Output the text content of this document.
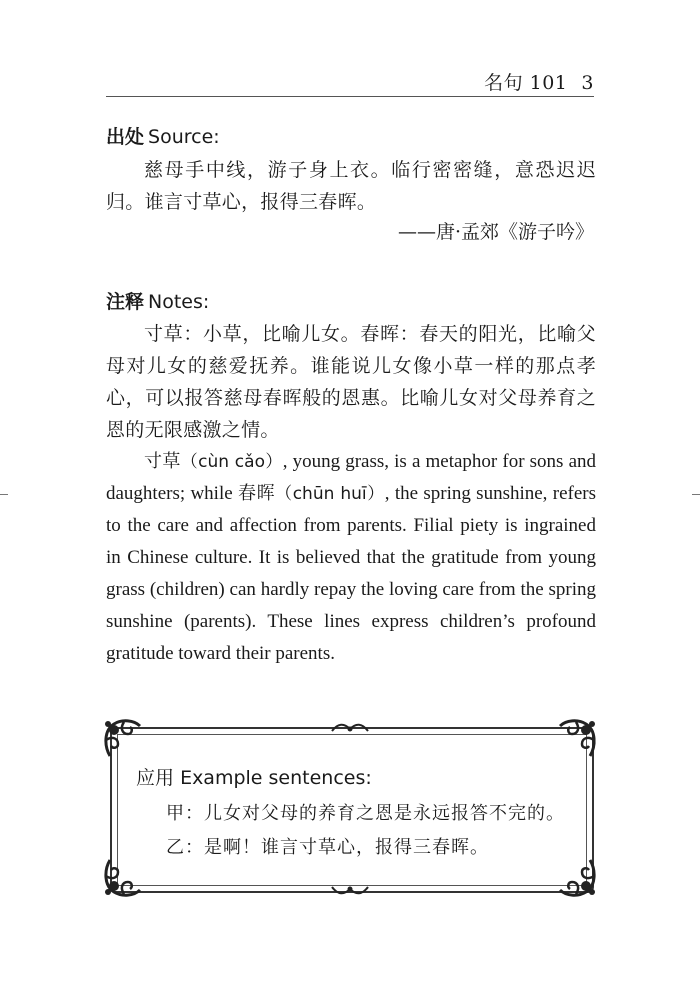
名句 101 3
出处 Source:
慈母手中线，游子身上衣。临行密密缝，意恐迟迟归。谁言寸草心，报得三春晖。
——唐·孟郊《游子吟》
注释 Notes:
寸草：小草，比喻儿女。春晖：春天的阳光，比喻父母对儿女的慈爱抚养。谁能说儿女像小草一样的那点孝心，可以报答慈母春晖般的恩惠。比喻儿女对父母养育之恩的无限感激之情。
寸草（cùn cǎo）, young grass, is a metaphor for sons and daughters; while 春晖（chūn huī）, the spring sunshine, refers to the care and affection from parents. Filial piety is ingrained in Chinese culture. It is believed that the gratitude from young grass (children) can hardly repay the loving care from the spring sunshine (parents). These lines express children’s profound gratitude toward their parents.
应用 Example sentences:
甲：儿女对父母的养育之恩是永远报答不完的。
乙：是啊！谁言寸草心，报得三春晖。
